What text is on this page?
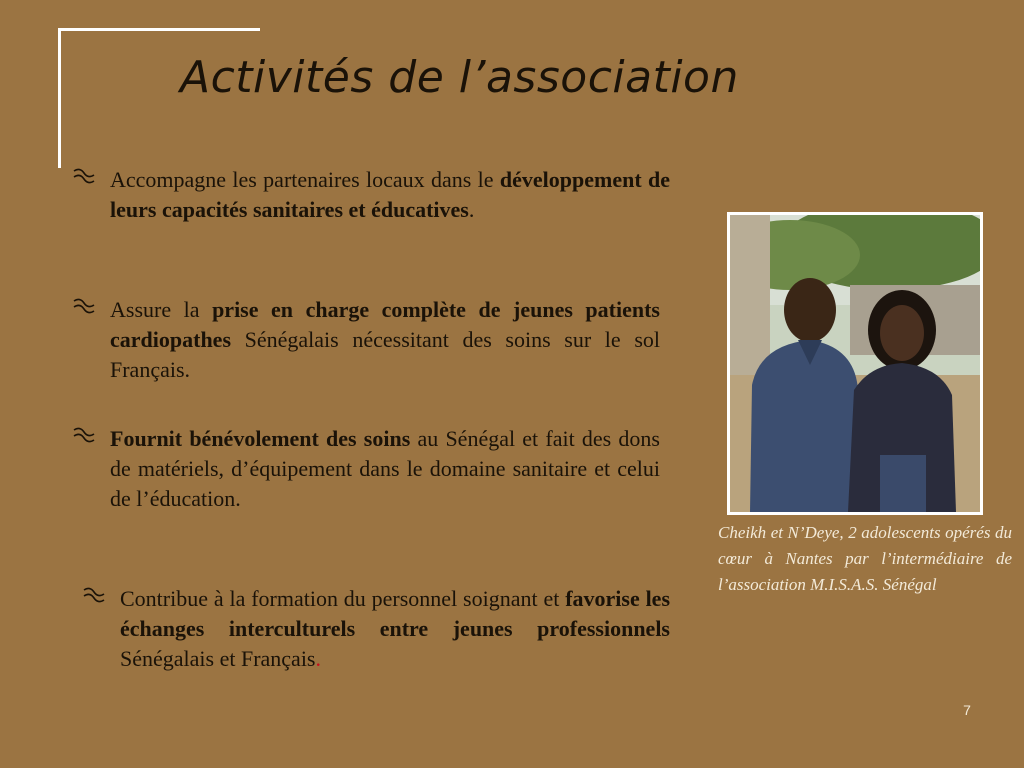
Activités de l’association
Accompagne les partenaires locaux dans le développement de leurs capacités sanitaires et éducatives.
Assure la prise en charge complète de jeunes patients cardiopathes Sénégalais nécessitant des soins sur le sol Français.
Fournit bénévolement des soins au Sénégal et fait des dons de matériels, d’équipement dans le domaine sanitaire et celui de l’éducation.
Contribue à la formation du personnel soignant et favorise les échanges interculturels entre jeunes professionnels Sénégalais et Français.
Cheikh et N’Deye, 2 adolescents opérés du cœur à Nantes par l’intermédiaire de l’association M.I.S.A.S. Sénégal
7
